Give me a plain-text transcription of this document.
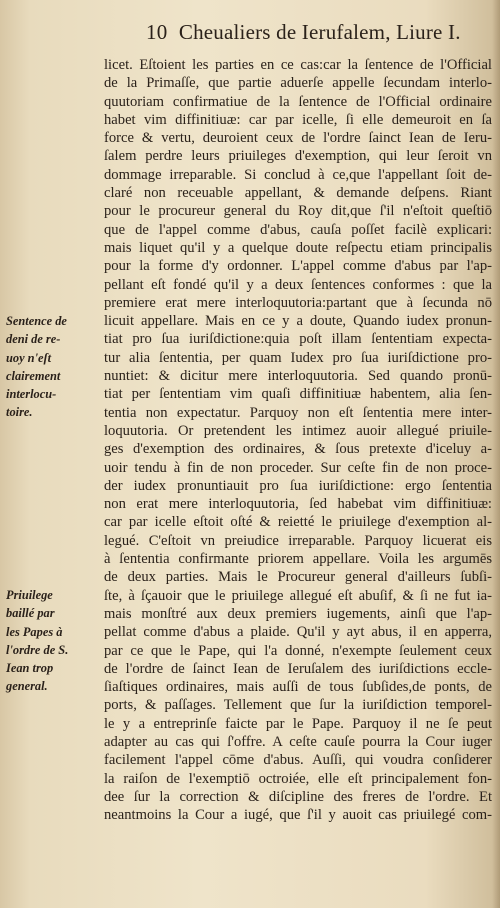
10 Cheualiers de Ierufalem, Liure I.
Sentence de
deni de re-
uoy n'eſt
clairement
interlocu-
toire.
Priuilege
baillé par
les Papes à
l'ordre de S.
Iean trop
general.
licet. Eſtoient les parties en ce cas:car la ſentence de l'Official
de la Primaſſe, que partie aduerſe appelle ſecundam interlo-
quutoriam confirmatiue de la ſentence de l'Official ordinaire
habet vim diffinitiuæ: car par icelle, ſi elle demeuroit en ſa
force & vertu, deuroient ceux de l'ordre ſainct Iean de Ieru-
ſalem perdre leurs priuileges d'exemption, qui leur ſeroit vn
dommage irreparable. Si conclud à ce,que l'appellant ſoit de-
claré non receuable appellant, & demande deſpens. Riant
pour le procureur general du Roy dit,que ſ'il n'eſtoit queſtiō
que de l'appel comme d'abus, cauſa poſſet facilè explicari:
mais liquet qu'il y a quelque doute reſpectu etiam principalis
pour la forme d'y ordonner. L'appel comme d'abus par l'ap-
pellant eſt fondé qu'il y a deux ſentences conformes : que la
premiere erat mere interloquutoria:partant que à ſecunda nō
licuit appellare. Mais en ce y a doute, Quando iudex pronun-
tiat pro ſua iuriſdictione:quia poſt illam ſententiam expecta-
tur alia ſententia, per quam Iudex pro ſua iuriſdictione pro-
nuntiet: & dicitur mere interloquutoria. Sed quando pronū-
tiat per ſententiam vim quaſi diffinitiuæ habentem, alia ſen-
tentia non expectatur. Parquoy non eſt ſententia mere inter-
loquutoria. Or pretendent les intimez auoir allegué priuile-
ges d'exemption des ordinaires, & ſous pretexte d'iceluy a-
uoir tendu à fin de non proceder. Sur ceſte fin de non proce-
der iudex pronuntiauit pro ſua iuriſdictione: ergo ſententia
non erat mere interloquutoria, ſed habebat vim diffinitiuæ:
car par icelle eſtoit oſté & reietté le priuilege d'exemption al-
legué. C'eſtoit vn preiudice irreparable. Parquoy licuerat eis
à ſententia confirmante priorem appellare. Voila les argumēs
de deux parties. Mais le Procureur general d'ailleurs ſubſi-
ſte, à ſçauoir que le priuilege allegué eſt abuſif, & ſi ne fut ia-
mais monſtré aux deux premiers iugements, ainſi que l'ap-
pellat comme d'abus a plaide. Qu'il y ayt abus, il en apperra,
par ce que le Pape, qui l'a donné, n'exempte ſeulement ceux
de l'ordre de ſainct Iean de Ieruſalem des iuriſdictions eccle-
ſiaſtiques ordinaires, mais auſſi de tous ſubſides,de ponts, de
ports, & paſſages. Tellement que ſur la iuriſdiction temporel-
le y a entreprinſe faicte par le Pape. Parquoy il ne ſe peut
adapter au cas qui ſ'offre. A ceſte cauſe pourra la Cour iuger
facilement l'appel cōme d'abus. Auſſi, qui voudra conſiderer
la raiſon de l'exemptiō octroiée, elle eſt principalement fon-
dee ſur la correction & diſcipline des freres de l'ordre. Et
neantmoins la Cour a iugé, que ſ'il y auoit cas priuilegé com-
